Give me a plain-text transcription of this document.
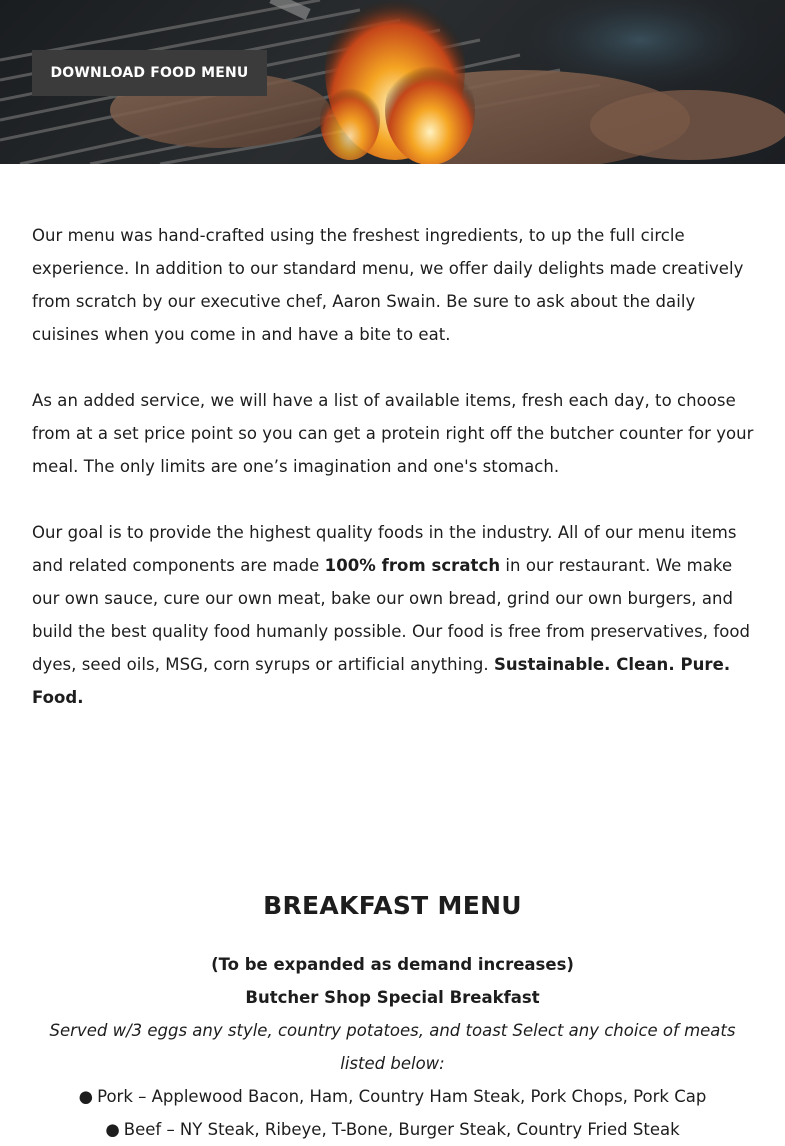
DOWNLOAD FOOD MENU

Our menu was hand-crafted using the freshest ingredients, to up the full circle experience. In addition to our standard menu, we offer daily delights made creatively from scratch by our executive chef, Aaron Swain. Be sure to ask about the daily cuisines when you come in and have a bite to eat.

As an added service, we will have a list of available items, fresh each day, to choose from at a set price point so you can get a protein right off the butcher counter for your meal. The only limits are one’s imagination and one's stomach.

Our goal is to provide the highest quality foods in the industry. All of our menu items and related components are made 100% from scratch in our restaurant. We make our own sauce, cure our own meat, bake our own bread, grind our own burgers, and build the best quality food humanly possible. Our food is free from preservatives, food dyes, seed oils, MSG, corn syrups or artificial anything. Sustainable. Clean. Pure. Food.

BREAKFAST MENU
(To be expanded as demand increases)
Butcher Shop Special Breakfast
Served w/3 eggs any style, country potatoes, and toast Select any choice of meats listed below:
● Pork – Applewood Bacon, Ham, Country Ham Steak, Pork Chops, Pork Cap
● Beef – NY Steak, Ribeye, T-Bone, Burger Steak, Country Fried Steak
